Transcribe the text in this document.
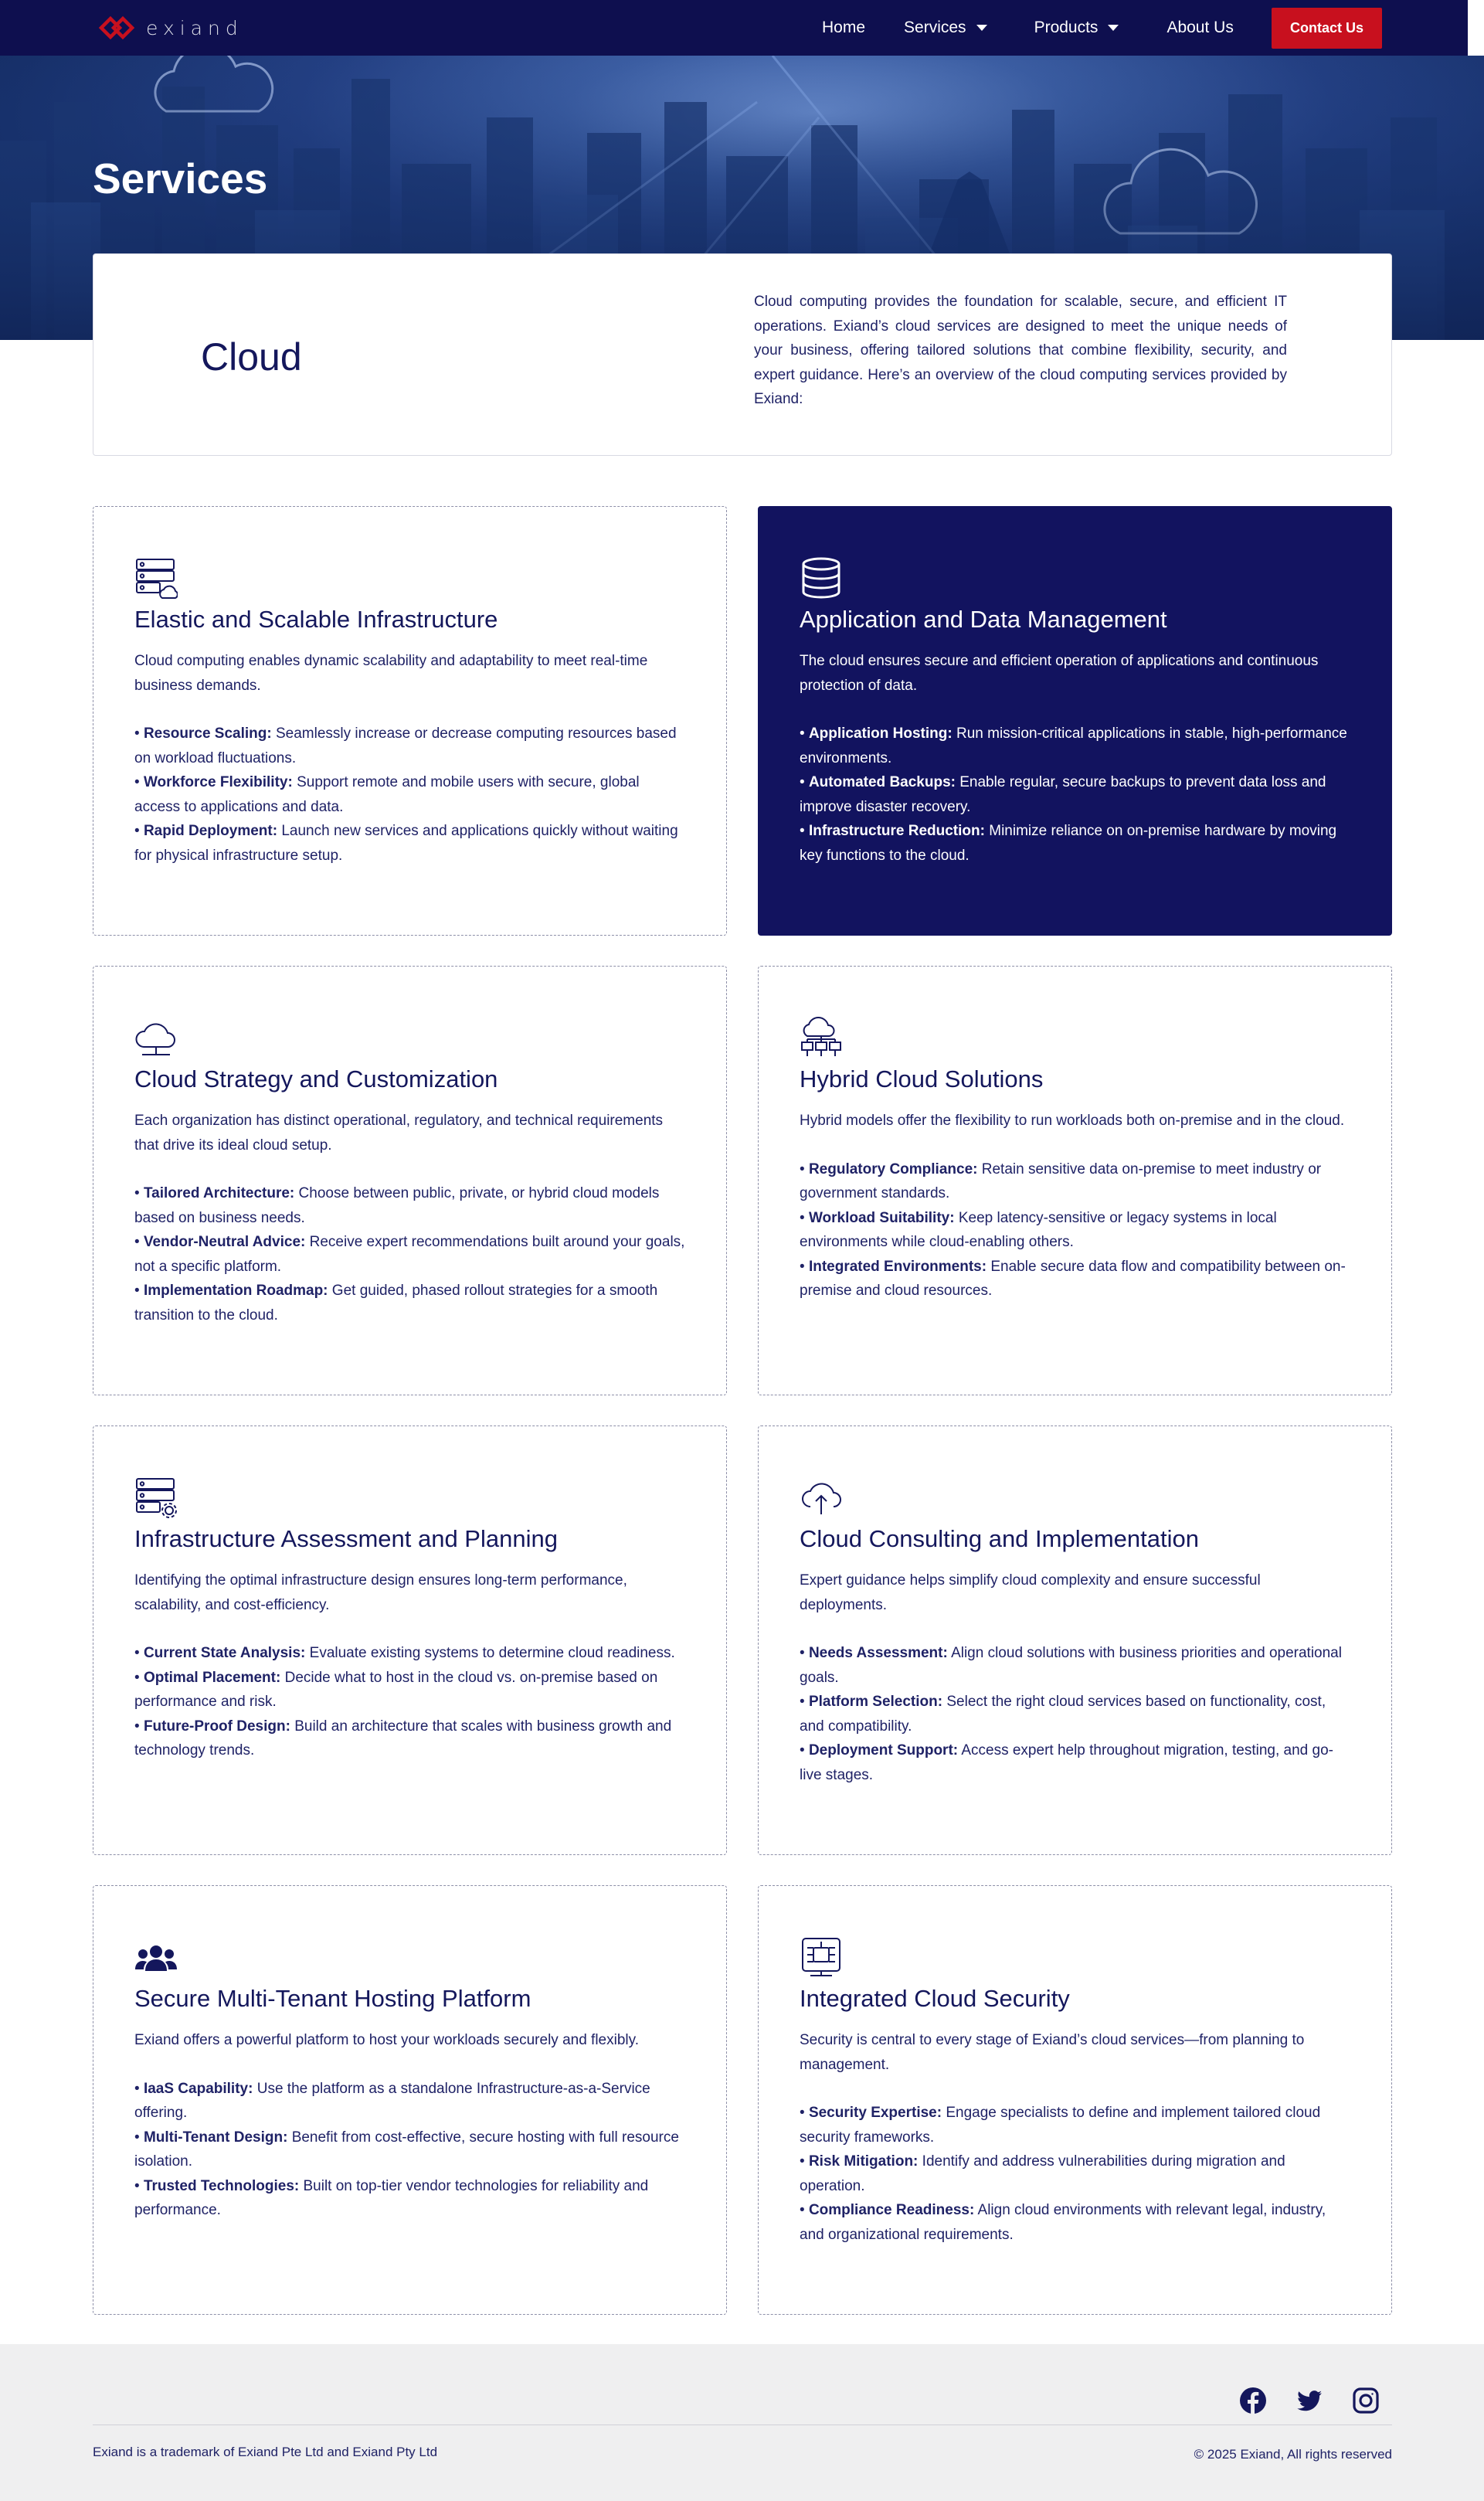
exiand	Home Services	Products	About Us	Contact Us
Services
Cloud

Cloud computing provides the foundation for scalable, secure, and efficient IT operations. Exiand’s cloud services are designed to meet the unique needs of your business, offering tailored solutions that combine flexibility, security, and expert guidance. Here’s an overview of the cloud computing services provided by Exiand:

Elastic and Scalable Infrastructure

Cloud computing enables dynamic scalability and adaptability to meet real-time business demands.

• Resource Scaling: Seamlessly increase or decrease computing resources based on workload fluctuations.
• Workforce Flexibility: Support remote and mobile users with secure, global access to applications and data.
• Rapid Deployment: Launch new services and applications quickly without waiting for physical infrastructure setup.
Application and Data Management

The cloud ensures secure and efficient operation of applications and continuous protection of data.

• Application Hosting: Run mission-critical applications in stable, high-performance environments.
• Automated Backups: Enable regular, secure backups to prevent data loss and improve disaster recovery.
• Infrastructure Reduction: Minimize reliance on on-premise hardware by moving key functions to the cloud.
Cloud Strategy and Customization

Each organization has distinct operational, regulatory, and technical requirements that drive its ideal cloud setup.

• Tailored Architecture: Choose between public, private, or hybrid cloud models based on business needs.
• Vendor-Neutral Advice: Receive expert recommendations built around your goals, not a specific platform.
• Implementation Roadmap: Get guided, phased rollout strategies for a smooth transition to the cloud.
Hybrid Cloud Solutions

Hybrid models offer the flexibility to run workloads both on-premise and in the cloud.

• Regulatory Compliance: Retain sensitive data on-premise to meet industry or government standards.
• Workload Suitability: Keep latency-sensitive or legacy systems in local environments while cloud-enabling others.
• Integrated Environments: Enable secure data flow and compatibility between on-premise and cloud resources.
Infrastructure Assessment and Planning

Identifying the optimal infrastructure design ensures long-term performance, scalability, and cost-efficiency.

• Current State Analysis: Evaluate existing systems to determine cloud readiness.
• Optimal Placement: Decide what to host in the cloud vs. on-premise based on performance and risk.
• Future-Proof Design: Build an architecture that scales with business growth and technology trends.
Cloud Consulting and Implementation

Expert guidance helps simplify cloud complexity and ensure successful deployments.

• Needs Assessment: Align cloud solutions with business priorities and operational goals.
• Platform Selection: Select the right cloud services based on functionality, cost, and compatibility.
• Deployment Support: Access expert help throughout migration, testing, and go-live stages.
Secure Multi-Tenant Hosting Platform

Exiand offers a powerful platform to host your workloads securely and flexibly.

• IaaS Capability: Use the platform as a standalone Infrastructure-as-a-Service offering.
• Multi-Tenant Design: Benefit from cost-effective, secure hosting with full resource isolation.
• Trusted Technologies: Built on top-tier vendor technologies for reliability and performance.
Integrated Cloud Security

Security is central to every stage of Exiand’s cloud services—from planning to management.

• Security Expertise: Engage specialists to define and implement tailored cloud security frameworks.
• Risk Mitigation: Identify and address vulnerabilities during migration and operation.
• Compliance Readiness: Align cloud environments with relevant legal, industry, and organizational requirements.
Exiand is a trademark of Exiand Pte Ltd and Exiand Pty Ltd	© 2025 Exiand, All rights reserved
